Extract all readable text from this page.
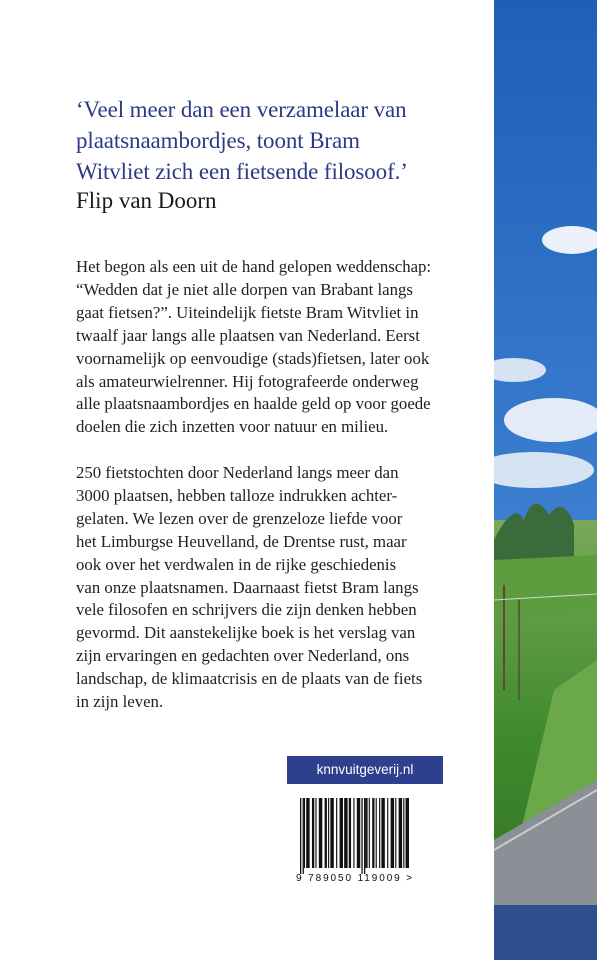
‘Veel meer dan een verzamelaar van
plaatsnaambordjes, toont Bram
Witvliet zich een fietsende filosoof.’
Flip van Doorn
Het begon als een uit de hand gelopen weddenschap:
“Wedden dat je niet alle dorpen van Brabant langs
gaat fietsen?”. Uiteindelijk fietste Bram Witvliet in
twaalf jaar langs alle plaatsen van Nederland. Eerst
voornamelijk op eenvoudige (stads)fietsen, later ook
als amateurwielrenner. Hij fotografeerde onderweg
alle plaatsnaambordjes en haalde geld op voor goede
doelen die zich inzetten voor natuur en milieu.
250 fietstochten door Nederland langs meer dan
3000 plaatsen, hebben talloze indrukken achter-
gelaten. We lezen over de grenzeloze liefde voor
het Limburgse Heuvelland, de Drentse rust, maar
ook over het verdwalen in de rijke geschiedenis
van onze plaatsnamen. Daarnaast fietst Bram langs
vele filosofen en schrijvers die zijn denken hebben
gevormd. Dit aanstekelijke boek is het verslag van
zijn ervaringen en gedachten over Nederland, ons
landschap, de klimaatcrisis en de plaats van de fiets
in zijn leven.
knnvuitgeverij.nl
9 789050 119009 >
